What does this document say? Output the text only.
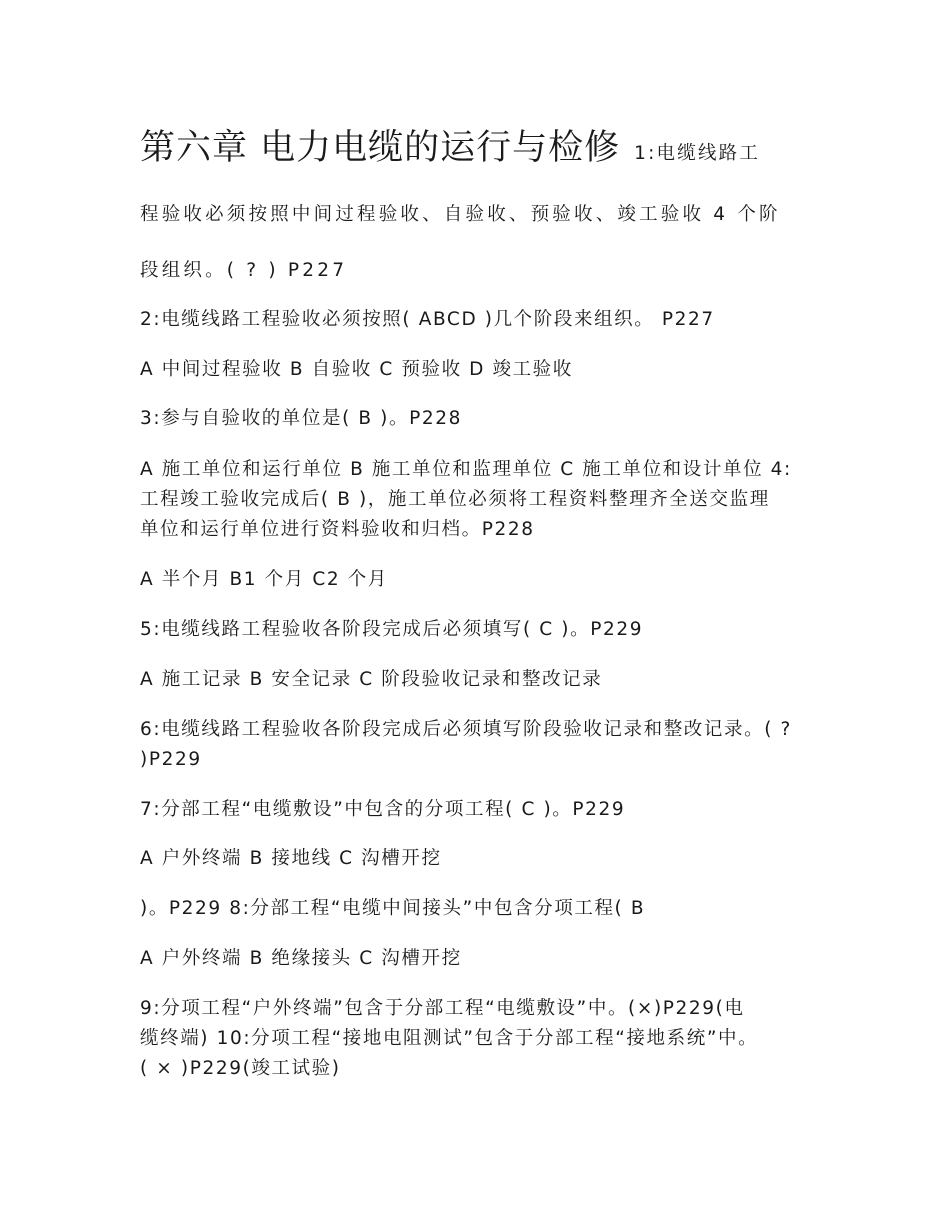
第六章 电力电缆的运行与检修 1:电缆线路工
程验收必须按照中间过程验收、自验收、预验收、竣工验收 4 个阶
段组织。( ? ) P227
2:电缆线路工程验收必须按照( ABCD )几个阶段来组织。 P227
A 中间过程验收 B 自验收 C 预验收 D 竣工验收
3:参与自验收的单位是( B )。P228
A 施工单位和运行单位 B 施工单位和监理单位 C 施工单位和设计单位 4:
工程竣工验收完成后( B )，施工单位必须将工程资料整理齐全送交监理
单位和运行单位进行资料验收和归档。P228
A 半个月 B1 个月 C2 个月
5:电缆线路工程验收各阶段完成后必须填写( C )。P229
A 施工记录 B 安全记录 C 阶段验收记录和整改记录
6:电缆线路工程验收各阶段完成后必须填写阶段验收记录和整改记录。( ?
)P229
7:分部工程“电缆敷设”中包含的分项工程( C )。P229
A 户外终端 B 接地线 C 沟槽开挖
)。P229 8:分部工程“电缆中间接头”中包含分项工程( B
A 户外终端 B 绝缘接头 C 沟槽开挖
9:分项工程“户外终端”包含于分部工程“电缆敷设”中。(×)P229(电
缆终端) 10:分项工程“接地电阻测试”包含于分部工程“接地系统”中。
( × )P229(竣工试验)
